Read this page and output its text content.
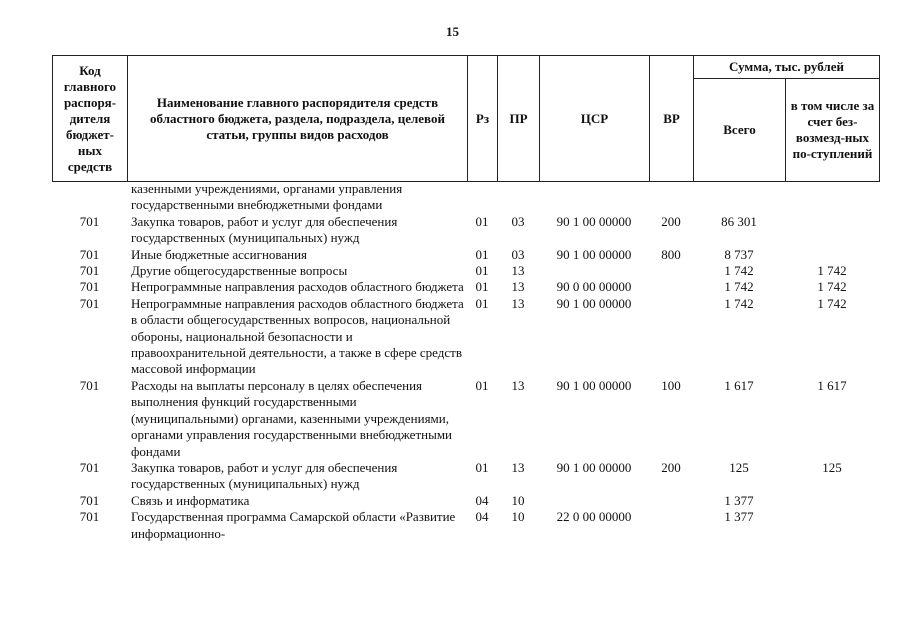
15
Код главного распоря-дителя бюджет-ных средств	Наименование главного распорядителя средств областного бюджета, раздела, подраздела, целевой статьи, группы видов расходов	Рз	ПР	ЦСР	ВР	Сумма, тыс. рублей	
						Всего	в том числе за счет без-возмезд-ных по-ступлений
	казенными учреждениями, органами управления государственными внебюджетными фондами						
701	Закупка товаров, работ и услуг для обеспечения государственных (муниципальных) нужд	01	03	90 1 00 00000	200	86 301	
701	Иные бюджетные ассигнования	01	03	90 1 00 00000	800	8 737	
701	Другие общегосударственные вопросы	01	13			1 742	1 742
701	Непрограммные направления расходов областного бюджета	01	13	90 0 00 00000		1 742	1 742
701	Непрограммные направления расходов областного бюджета в области общегосударственных вопросов, национальной обороны, национальной безопасности и правоохранительной деятельности, а также в сфере средств массовой информации	01	13	90 1 00 00000		1 742	1 742
701	Расходы на выплаты персоналу в целях обеспечения выполнения функций государственными (муниципальными) органами, казенными учреждениями, органами управления государственными внебюджетными фондами	01	13	90 1 00 00000	100	1 617	1 617
701	Закупка товаров, работ и услуг для обеспечения государственных (муниципальных) нужд	01	13	90 1 00 00000	200	125	125
701	Связь и информатика	04	10			1 377	
701	Государственная программа Самарской области «Развитие информационно-	04	10	22 0 00 00000		1 377	
